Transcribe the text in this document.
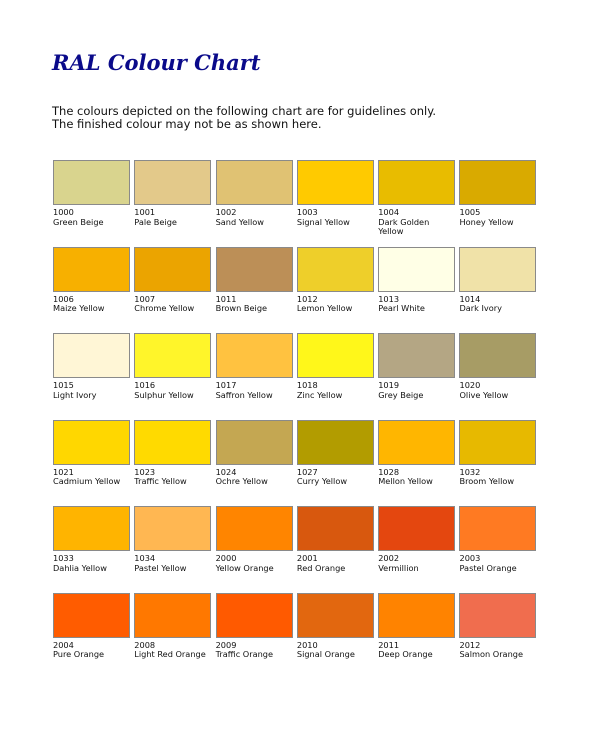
RAL Colour Chart
The colours depicted on the following chart are for guidelines only.
The finished colour may not be as shown here.
1000
Green Beige
1001
Pale Beige
1002
Sand Yellow
1003
Signal Yellow
1004
Dark Golden Yellow
1005
Honey Yellow
1006
Maize Yellow
1007
Chrome Yellow
1011
Brown Beige
1012
Lemon Yellow
1013
Pearl White
1014
Dark Ivory
1015
Light Ivory
1016
Sulphur Yellow
1017
Saffron Yellow
1018
Zinc Yellow
1019
Grey Beige
1020
Olive Yellow
1021
Cadmium Yellow
1023
Traffic Yellow
1024
Ochre Yellow
1027
Curry Yellow
1028
Mellon Yellow
1032
Broom Yellow
1033
Dahlia Yellow
1034
Pastel Yellow
2000
Yellow Orange
2001
Red Orange
2002
Vermillion
2003
Pastel Orange
2004
Pure Orange
2008
Light Red Orange
2009
Traffic Orange
2010
Signal Orange
2011
Deep Orange
2012
Salmon Orange
